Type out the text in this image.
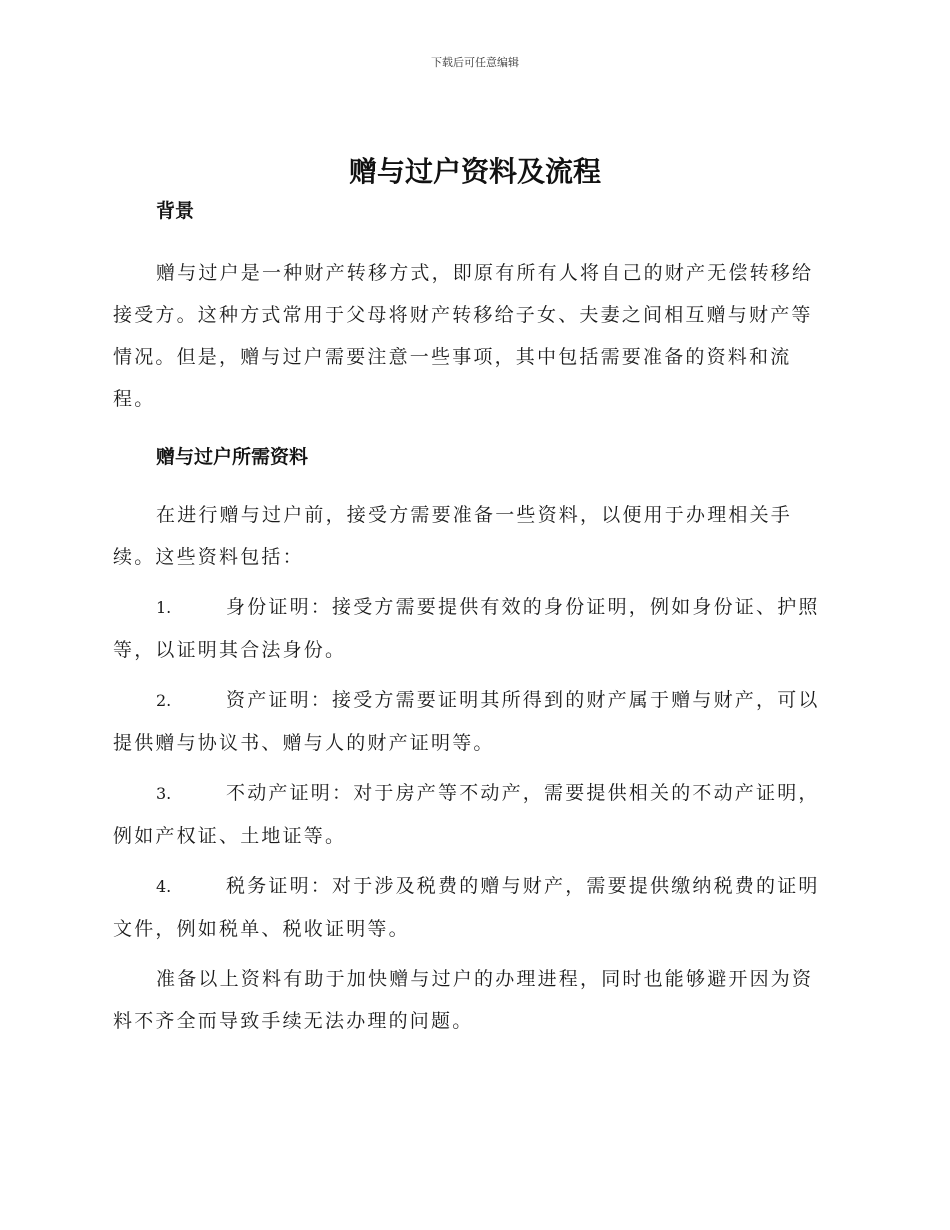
下载后可任意编辑
赠与过户资料及流程
背景

赠与过户是一种财产转移方式，即原有所有人将自己的财产无偿转移给接受方。这种方式常用于父母将财产转移给子女、夫妻之间相互赠与财产等情况。但是，赠与过户需要注意一些事项，其中包括需要准备的资料和流程。

赠与过户所需资料

在进行赠与过户前，接受方需要准备一些资料，以便用于办理相关手续。这些资料包括：

1.	身份证明：接受方需要提供有效的身份证明，例如身份证、护照等，以证明其合法身份。

2.	资产证明：接受方需要证明其所得到的财产属于赠与财产，可以提供赠与协议书、赠与人的财产证明等。

3.	不动产证明：对于房产等不动产，需要提供相关的不动产证明，例如产权证、土地证等。

4.	税务证明：对于涉及税费的赠与财产，需要提供缴纳税费的证明文件，例如税单、税收证明等。

准备以上资料有助于加快赠与过户的办理进程，同时也能够避开因为资料不齐全而导致手续无法办理的问题。
